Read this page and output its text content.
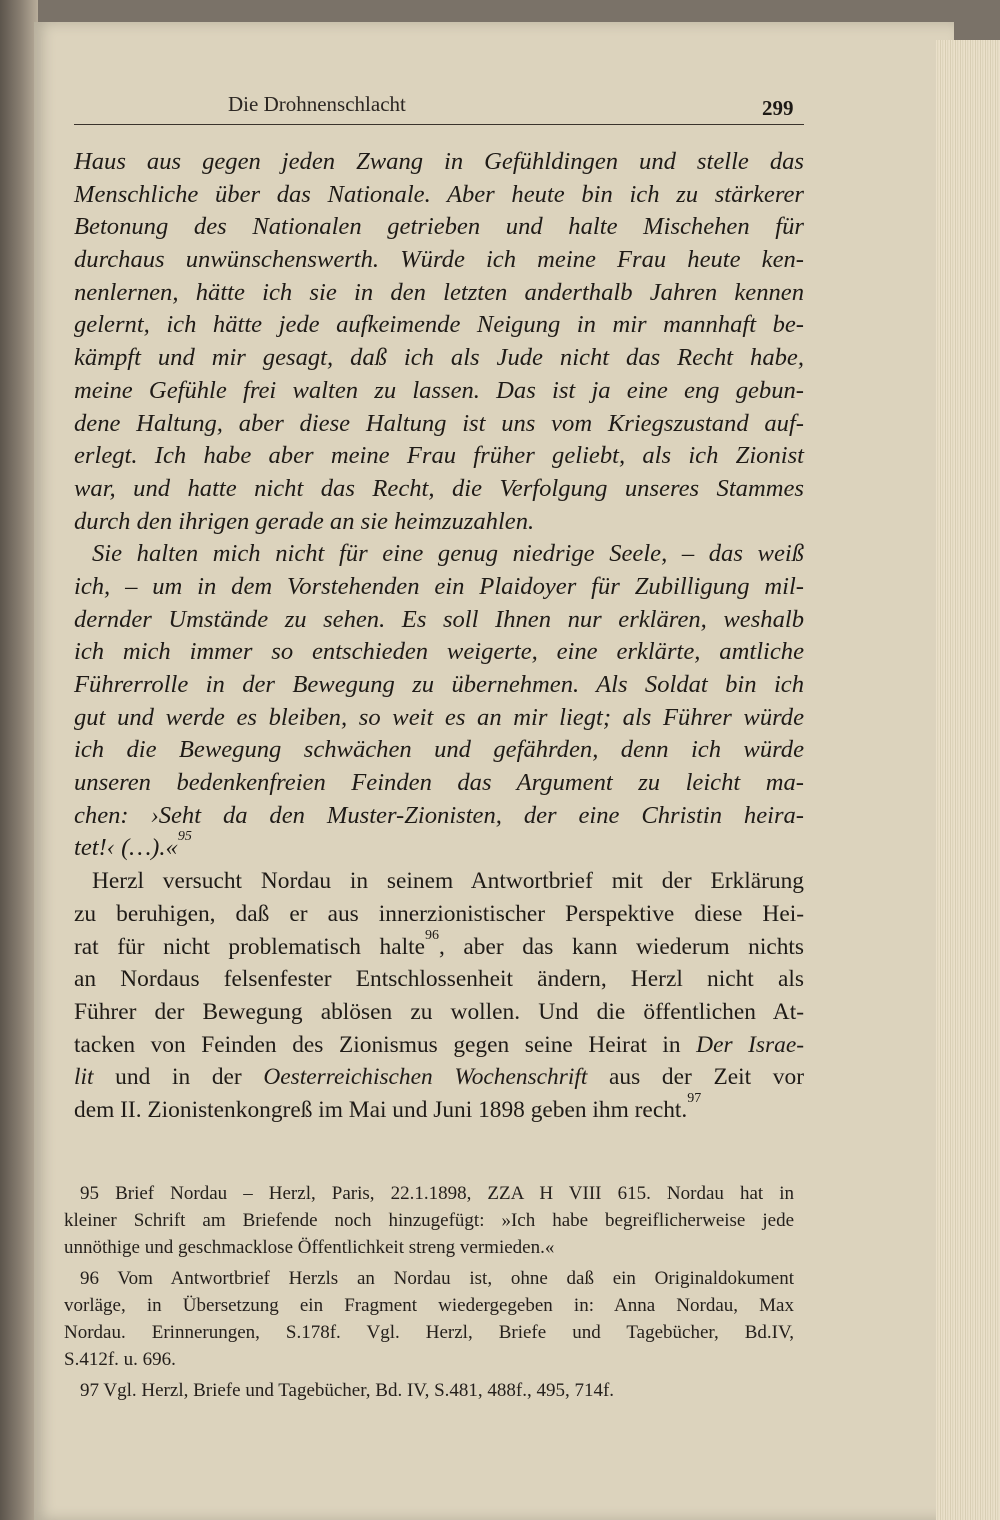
Die Drohnenschlacht	299
Haus aus gegen jeden Zwang in Gefühldingen und stelle das
Menschliche über das Nationale. Aber heute bin ich zu stärkerer
Betonung des Nationalen getrieben und halte Mischehen für
durchaus unwünschenswerth. Würde ich meine Frau heute ken-
nenlernen, hätte ich sie in den letzten anderthalb Jahren kennen
gelernt, ich hätte jede aufkeimende Neigung in mir mannhaft be-
kämpft und mir gesagt, daß ich als Jude nicht das Recht habe,
meine Gefühle frei walten zu lassen. Das ist ja eine eng gebun-
dene Haltung, aber diese Haltung ist uns vom Kriegszustand auf-
erlegt. Ich habe aber meine Frau früher geliebt, als ich Zionist
war, und hatte nicht das Recht, die Verfolgung unseres Stammes
durch den ihrigen gerade an sie heimzuzahlen.
Sie halten mich nicht für eine genug niedrige Seele, – das weiß
ich, – um in dem Vorstehenden ein Plaidoyer für Zubilligung mil-
dernder Umstände zu sehen. Es soll Ihnen nur erklären, weshalb
ich mich immer so entschieden weigerte, eine erklärte, amtliche
Führerrolle in der Bewegung zu übernehmen. Als Soldat bin ich
gut und werde es bleiben, so weit es an mir liegt; als Führer würde
ich die Bewegung schwächen und gefährden, denn ich würde
unseren bedenkenfreien Feinden das Argument zu leicht ma-
chen: ›Seht da den Muster-Zionisten, der eine Christin heira-
tet!‹ (…).«$^{95}$
Herzl versucht Nordau in seinem Antwortbrief mit der Erklärung
zu beruhigen, daß er aus innerzionistischer Perspektive diese Hei-
rat für nicht problematisch halte$^{96}$, aber das kann wiederum nichts
an Nordaus felsenfester Entschlossenheit ändern, Herzl nicht als
Führer der Bewegung ablösen zu wollen. Und die öffentlichen At-
tacken von Feinden des Zionismus gegen seine Heirat in Der Israe-
lit und in der Oesterreichischen Wochenschrift aus der Zeit vor
dem II. Zionistenkongreß im Mai und Juni 1898 geben ihm recht.$^{97}$
95 Brief Nordau – Herzl, Paris, 22.1.1898, ZZA H VIII 615. Nordau hat in
kleiner Schrift am Briefende noch hinzugefügt: »Ich habe begreiflicherweise jede
unnöthige und geschmacklose Öffentlichkeit streng vermieden.«
96 Vom Antwortbrief Herzls an Nordau ist, ohne daß ein Originaldokument
vorläge, in Übersetzung ein Fragment wiedergegeben in: Anna Nordau, Max
Nordau. Erinnerungen, S.178f. Vgl. Herzl, Briefe und Tagebücher, Bd.IV,
S.412f. u. 696.
97 Vgl. Herzl, Briefe und Tagebücher, Bd. IV, S.481, 488f., 495, 714f.
